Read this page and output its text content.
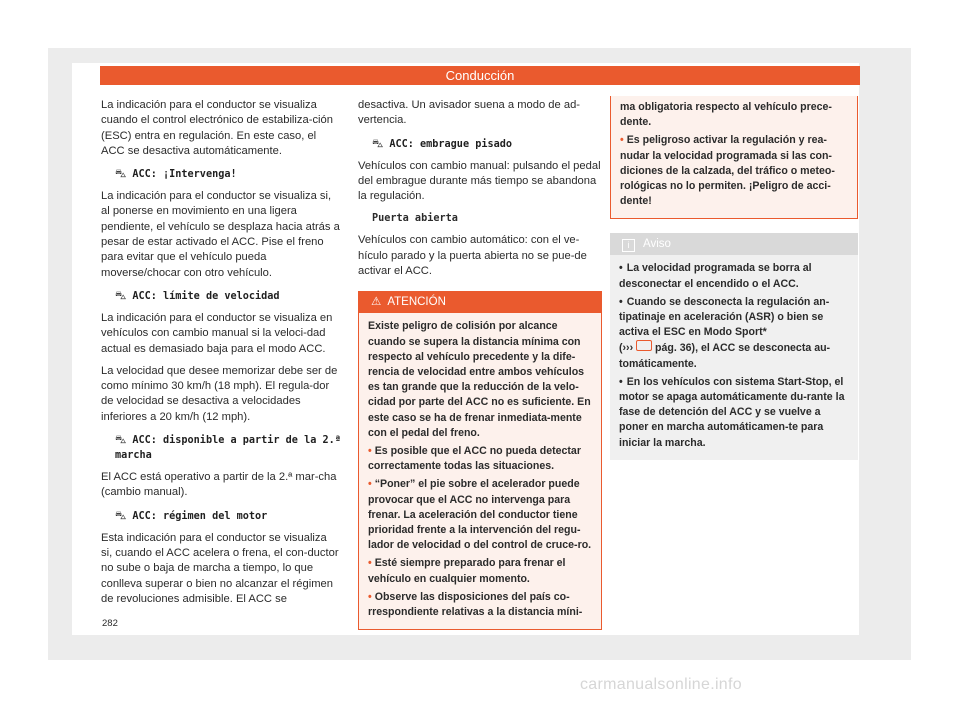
Conducción

La indicación para el conductor se visualiza cuando el control electrónico de estabiliza-ción (ESC) entra en regulación. En este caso, el ACC se desactiva automáticamente.

⛍ ACC: ¡Intervenga!

La indicación para el conductor se visualiza si, al ponerse en movimiento en una ligera pendiente, el vehículo se desplaza hacia atrás a pesar de estar activado el ACC. Pise el freno para evitar que el vehículo pueda moverse/chocar con otro vehículo.

⛍ ACC: límite de velocidad

La indicación para el conductor se visualiza en vehículos con cambio manual si la veloci-dad actual es demasiado baja para el modo ACC.

La velocidad que desee memorizar debe ser de como mínimo 30 km/h (18 mph). El regula-dor de velocidad se desactiva a velocidades inferiores a 20 km/h (12 mph).

⛍ ACC: disponible a partir de la 2.ª marcha

El ACC está operativo a partir de la 2.ª mar-cha (cambio manual).

⛍ ACC: régimen del motor

Esta indicación para el conductor se visualiza si, cuando el ACC acelera o frena, el con-ductor no sube o baja de marcha a tiempo, lo que conlleva superar o bien no alcanzar el régimen de revoluciones admisible. El ACC se

desactiva. Un avisador suena a modo de ad-vertencia.

⛍ ACC: embrague pisado

Vehículos con cambio manual: pulsando el pedal del embrague durante más tiempo se abandona la regulación.

Puerta abierta

Vehículos con cambio automático: con el ve-hículo parado y la puerta abierta no se pue-de activar el ACC.

⚠ ATENCIÓN

Existe peligro de colisión por alcance cuando se supera la distancia mínima con respecto al vehículo precedente y la dife-rencia de velocidad entre ambos vehículos es tan grande que la reducción de la velo-cidad por parte del ACC no es suficiente. En este caso se ha de frenar inmediata-mente con el pedal del freno.

• Es posible que el ACC no pueda detectar correctamente todas las situaciones.

• “Poner” el pie sobre el acelerador puede provocar que el ACC no intervenga para frenar. La aceleración del conductor tiene prioridad frente a la intervención del regu-lador de velocidad o del control de cruce-ro.

• Esté siempre preparado para frenar el vehículo en cualquier momento.

• Observe las disposiciones del país co-rrespondiente relativas a la distancia míni-

ma obligatoria respecto al vehículo prece-dente.

• Es peligroso activar la regulación y rea-nudar la velocidad programada si las con-diciones de la calzada, del tráfico o meteo-rológicas no lo permiten. ¡Peligro de acci-dente!

i Aviso

• La velocidad programada se borra al desconectar el encendido o el ACC.

• Cuando se desconecta la regulación an-tipatinaje en aceleración (ASR) o bien se activa el ESC en Modo Sport*
(››› pág. 36), el ACC se desconecta au-tomáticamente.

• En los vehículos con sistema Start-Stop, el motor se apaga automáticamente du-rante la fase de detención del ACC y se vuelve a poner en marcha automáticamen-te para iniciar la marcha.

282
carmanualsonline.info
